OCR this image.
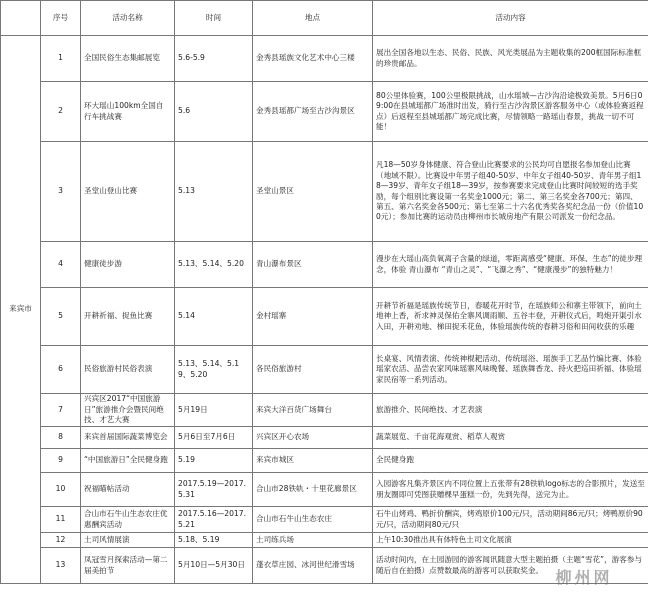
	序号	活动名称	时间	地点	活动内容
来宾市	1	全国民俗生态集邮展览	5.6-5.9	金秀县瑶族文化艺术中心三楼	展出全国各地以生态、民俗、民族、风光类展品为主题收集的200框国际标准框的珍贵邮品。
	2	环大瑶山100km全国自行车挑战赛	5.6	金秀县瑶都广场至古沙沟景区	80公里体验赛，100公里极限挑战，山水瑶城—古沙沟沿途极致美景。5月6日09:00在县城瑶都广场准时出发，骑行至古沙沟景区游客服务中心（或体验赛返程点）后返程至县城瑶都广场完成比赛，尽情领略一路瑶山春景，挑战一切不可能！
	3	圣堂山登山比赛	5.13	圣堂山景区	凡18—50岁身体健康、符合登山比赛要求的公民均可自愿报名参加登山比赛（地域不限）。比赛设中年男子组40-50岁、中年女子组40-50岁、青年男子组18—39岁、青年女子组18—39岁，按参赛要求完成登山比赛时间较短的选手奖励，每个组别比赛设第一名奖金1000元；第二、第三名奖金各700元；第四、第五、第六名奖金各500元；第七至第二十六名优秀奖各奖纪念品一份（价值100元）；参加比赛的运动员由柳州市长城房地产有限公司派发一份纪念品。
	4	健康徒步游	5.13、5.14、5.20	青山瀑布景区	漫步在大瑶山高负氧离子含量的绿道，零距离感受“健康、环保、生态”的徒步理念，体验 青山瀑布 “青山之灵”、“飞瀑之秀”、“健康漫步”的独特魅力！
	5	开耕祈福、捉鱼比赛	5.14	金村瑶寨	开耕节祈福是瑶族传统节日，春暖花开时节，在瑶族师公和寨主带领下，前向土地神上香，祈求神灵保佑全寨风调雨顺、五谷丰登，开耕仪式后，鸣炮开渠引水入田，开耕劝地、梯田捉禾花鱼，体验瑶族传统的春耕习俗和田间收获的乐趣
	6	民俗旅游村民俗表演	5.13、5.14、5.19、5.20	各民俗旅游村	长桌宴、风情表演、传统神棍耙活动、传统瑶浴、瑶族手工艺品竹编比赛、体验瑶家农活、品尝农家风味瑶寨风味晚餐、瑶族舞香龙、持火把巡田祈福、体验瑶家民宿等一系列活动。
	7	兴宾区2017“中国旅游日”旅游推介会暨民间绝技、才艺大赛	5月19日	来宾大洋百货广场舞台	旅游推介、民间绝技、才艺表演
	8	来宾首届国际蔬菜博览会	5月6日至7月6日	兴宾区开心农场	蔬菜展览、千亩花海观赏、稻草人观赏
	9	“中国旅游日”全民健身跑	5.19	来宾市城区	全民健身跑
	10	祝福瞄帖活动	2017.5.19—2017.5.31	合山市28铁轨・十里花廊景区	入园游客凡集齐景区内不同位置上五张带有28铁轨logo标志的合影照片，发送至朋友圈即可凭图获赠棵早蛋糕一份，先到先得，送完为止。
	11	合山市石牛山生态农庄优惠酬宾活动	2017.5.16—2017.5.21	合山市石牛山生态农庄	石牛山烤鸡、鸭折价酬宾，烤鸡原价100元/只，活动期间86元/只；烤鸭原价90元/只，活动期间80元/只
	12	土司风情展演	5.18、5.19	土司练兵场	上午10:30推出具有体特色土司文化展演
	13	凤冠雪月探索活动—第二届美拍节	5月10日—5月30日	蓬衣草庄园、冰河世纪滑雪场	活动时间内，在土园游园的游客闻讯随意大型主题拍摄（主题“雪花”，游客参与随后自在拍摄）点赞数最高的游客可以获取奖金。 柳州网
